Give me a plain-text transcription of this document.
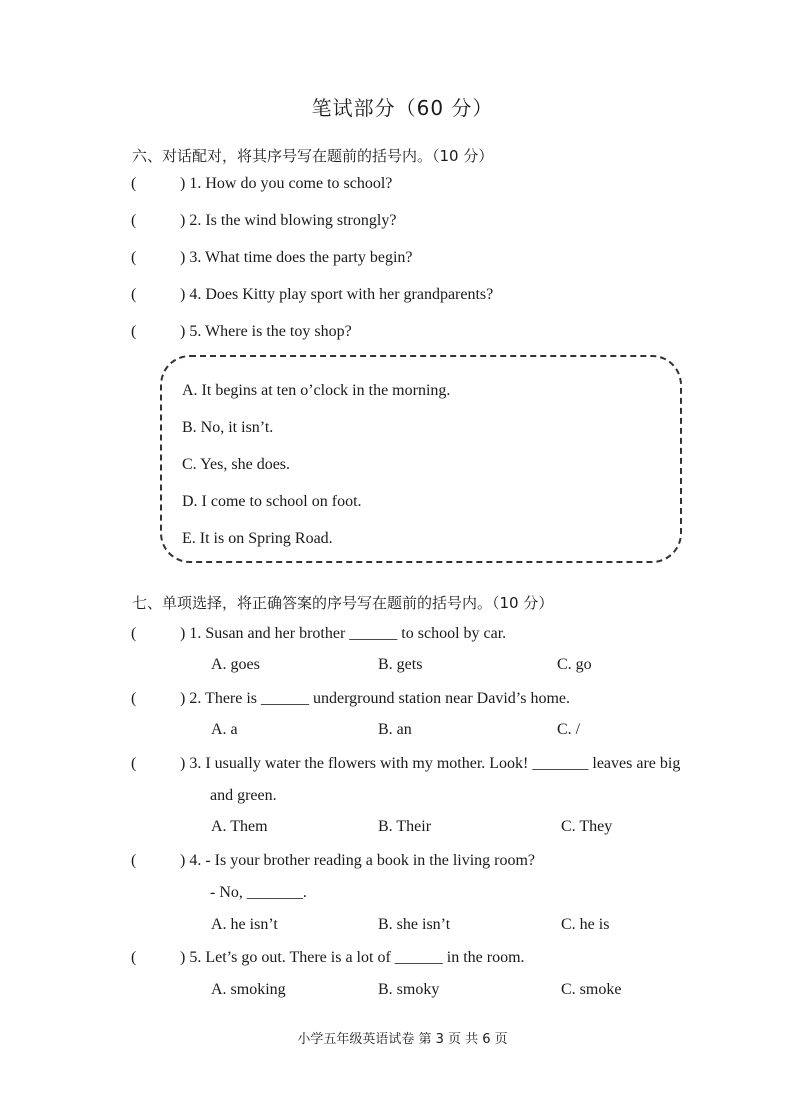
笔试部分（60 分）
六、对话配对，将其序号写在题前的括号内。（10 分）
(	) 1. How do you come to school?
(	) 2. Is the wind blowing strongly?
(	) 3. What time does the party begin?
(	) 4. Does Kitty play sport with her grandparents?
(	) 5. Where is the toy shop?
A. It begins at ten o’clock in the morning.
B. No, it isn’t.
C. Yes, she does.
D. I come to school on foot.
E. It is on Spring Road.
七、单项选择，将正确答案的序号写在题前的括号内。（10 分）
(	) 1. Susan and her brother ______ to school by car.
A. goes	B. gets	C. go
(	) 2. There is ______ underground station near David’s home.
A. a	B. an	C. /
(	) 3. I usually water the flowers with my mother. Look! _______ leaves are big
and green.
A. Them	B. Their	C. They
(	) 4. - Is your brother reading a book in the living room?
- No, _______.
A. he isn’t	B. she isn’t	C. he is
(	) 5. Let’s go out. There is a lot of ______ in the room.
A. smoking	B. smoky	C. smoke
小学五年级英语试卷 第 3 页 共 6 页
